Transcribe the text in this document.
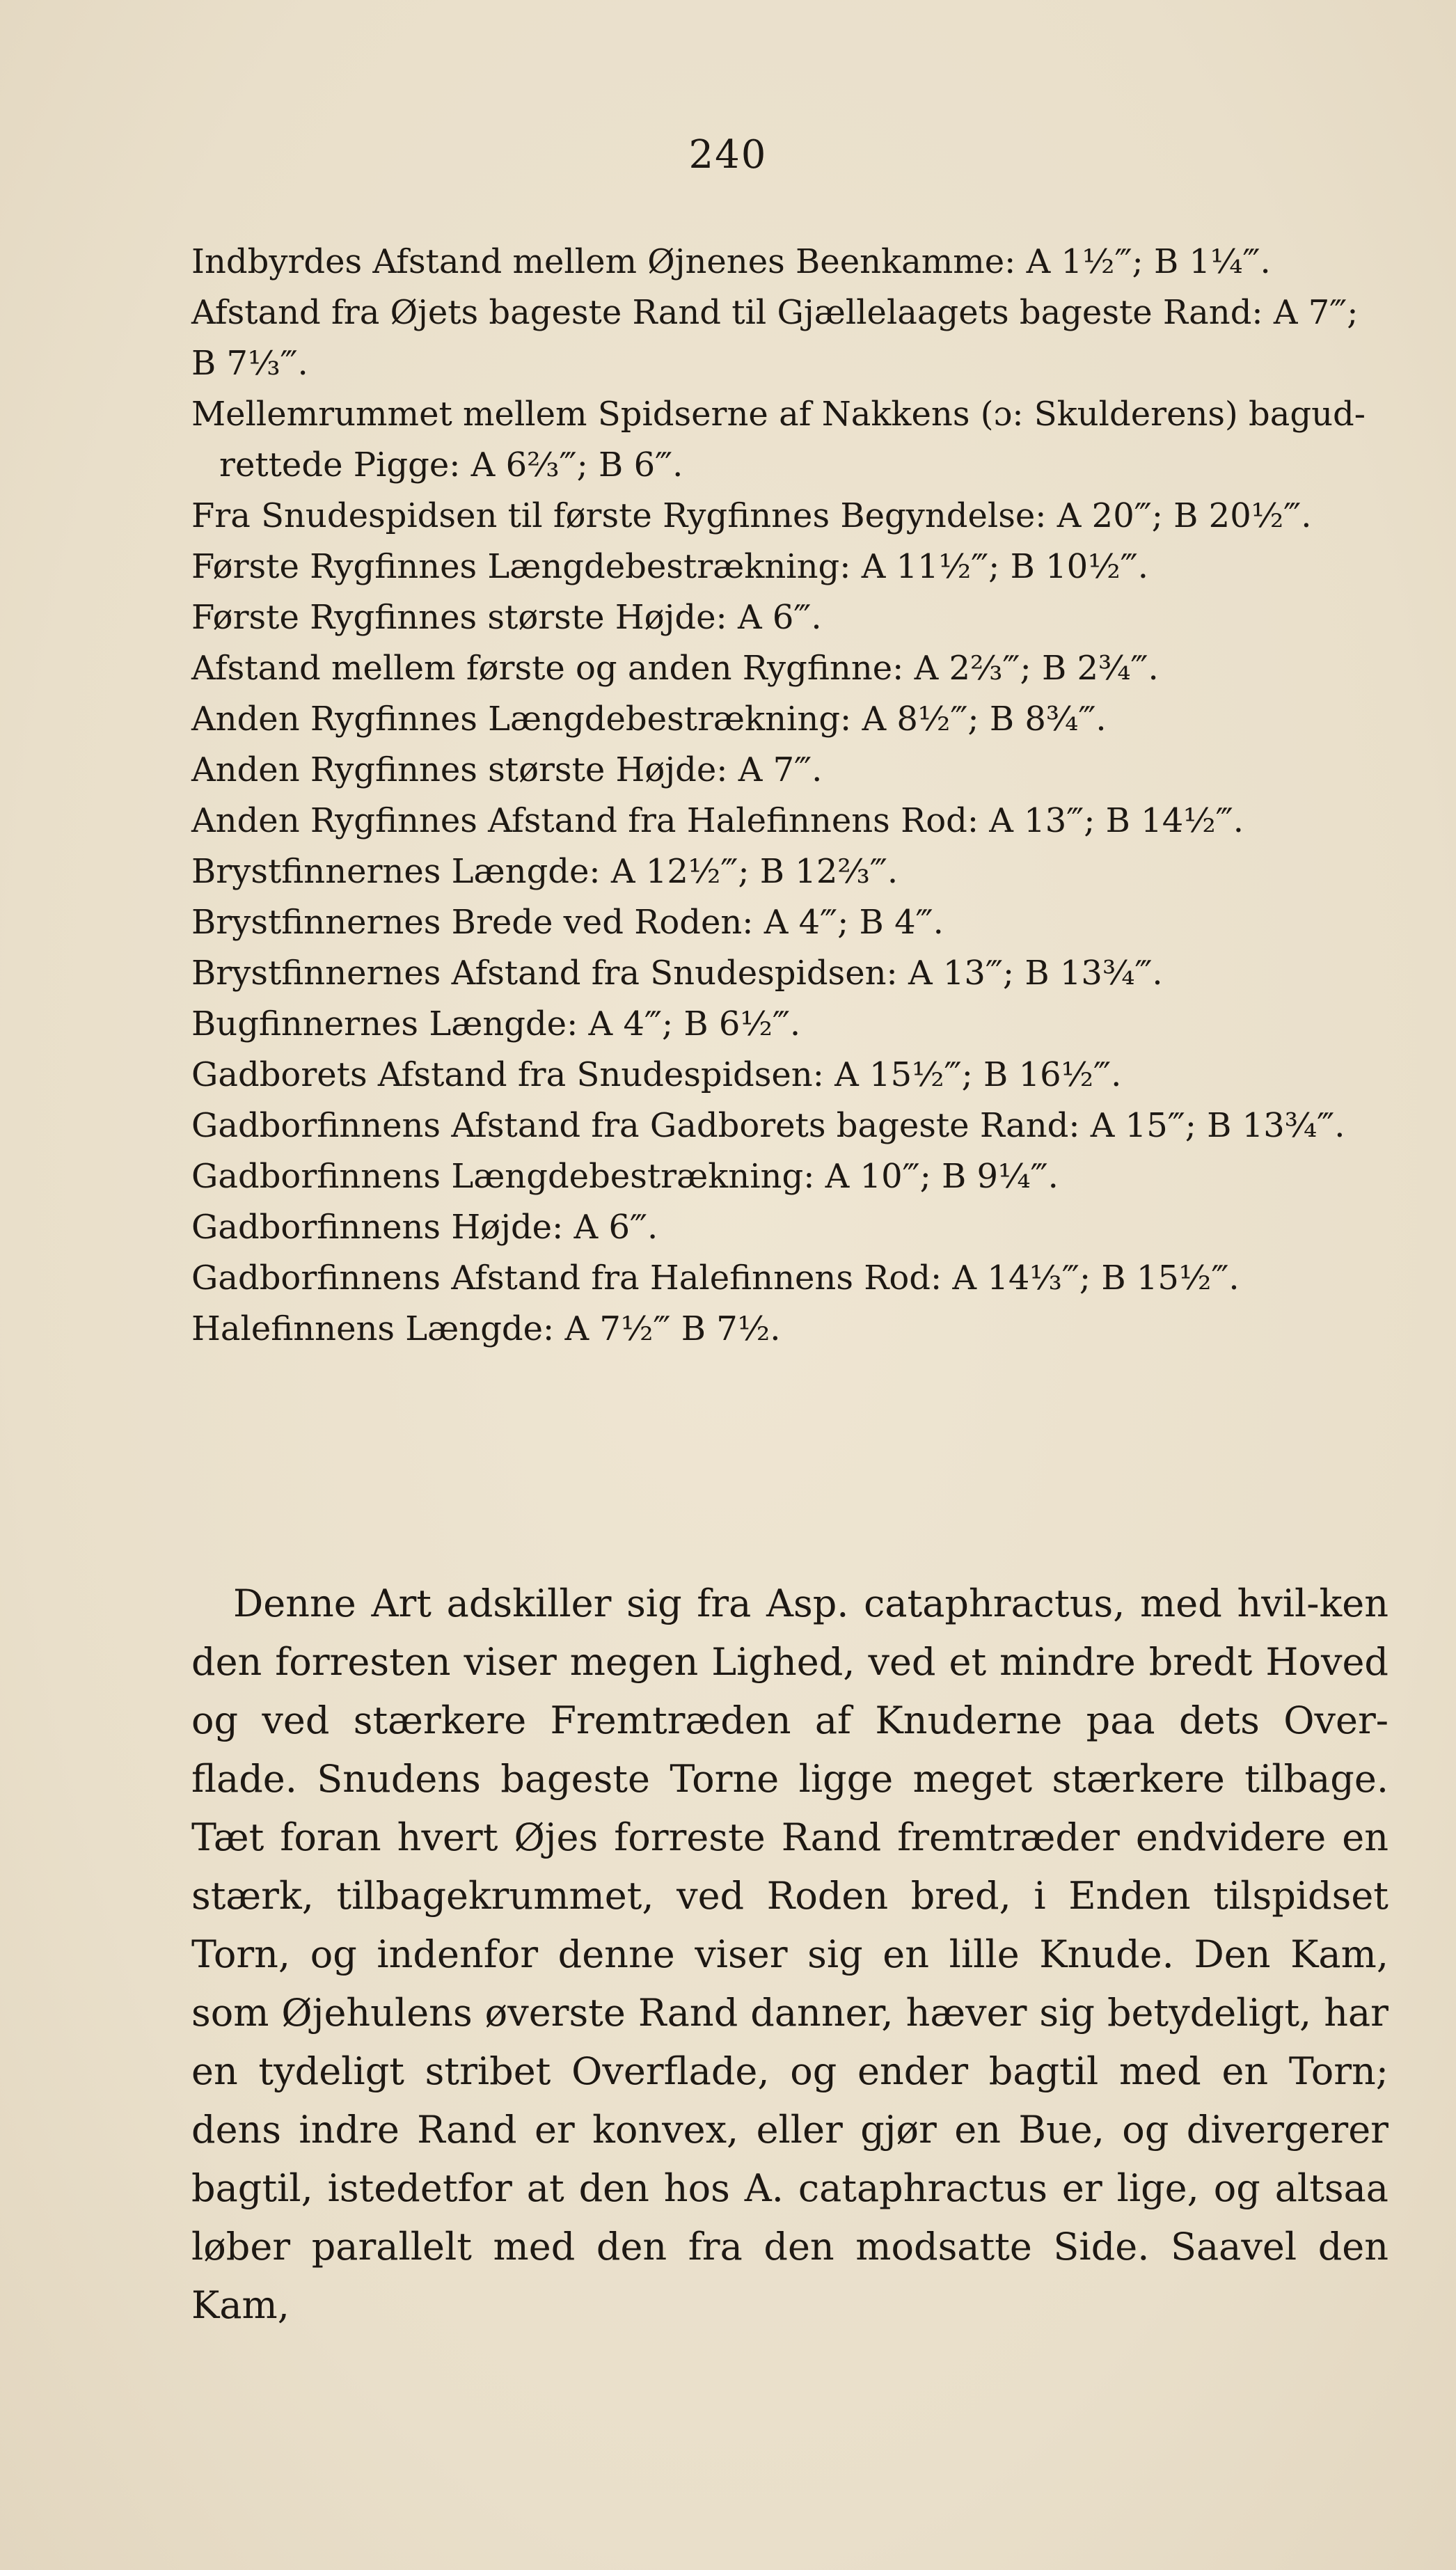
240
Indbyrdes Afstand mellem Øjnenes Beenkamme: A 1½‴; B 1¼‴.
Afstand fra Øjets bageste Rand til Gjællelaagets bageste Rand: A 7‴;
B 7⅓‴.
Mellemrummet mellem Spidserne af Nakkens (ɔ: Skulderens) bagud-
rettede Pigge: A 6⅔‴; B 6‴.
Fra Snudespidsen til første Rygfinnes Begyndelse: A 20‴; B 20½‴.
Første Rygfinnes Længdebestrækning: A 11½‴; B 10½‴.
Første Rygfinnes største Højde: A 6‴.
Afstand mellem første og anden Rygfinne: A 2⅔‴; B 2¾‴.
Anden Rygfinnes Længdebestrækning: A 8½‴; B 8¾‴.
Anden Rygfinnes største Højde: A 7‴.
Anden Rygfinnes Afstand fra Halefinnens Rod: A 13‴; B 14½‴.
Brystfinnernes Længde: A 12½‴; B 12⅔‴.
Brystfinnernes Brede ved Roden: A 4‴; B 4‴.
Brystfinnernes Afstand fra Snudespidsen: A 13‴; B 13¾‴.
Bugfinnernes Længde: A 4‴; B 6½‴.
Gadborets Afstand fra Snudespidsen: A 15½‴; B 16½‴.
Gadborfinnens Afstand fra Gadborets bageste Rand: A 15‴; B 13¾‴.
Gadborfinnens Længdebestrækning: A 10‴; B 9¼‴.
Gadborfinnens Højde: A 6‴.
Gadborfinnens Afstand fra Halefinnens Rod: A 14⅓‴; B 15½‴.
Halefinnens Længde: A 7½‴ B 7½.

Denne Art adskiller sig fra Asp. cataphractus, med hvil-ken den forresten viser megen Lighed, ved et mindre bredt Hoved og ved stærkere Fremtræden af Knuderne paa dets Over-flade. Snudens bageste Torne ligge meget stærkere tilbage. Tæt foran hvert Øjes forreste Rand fremtræder endvidere en stærk, tilbagekrummet, ved Roden bred, i Enden tilspidset Torn, og indenfor denne viser sig en lille Knude. Den Kam, som Øjehulens øverste Rand danner, hæver sig betydeligt, har en tydeligt stribet Overflade, og ender bagtil med en Torn; dens indre Rand er konvex, eller gjør en Bue, og divergerer bagtil, istedetfor at den hos A. cataphractus er lige, og altsaa løber parallelt med den fra den modsatte Side. Saavel den Kam,
